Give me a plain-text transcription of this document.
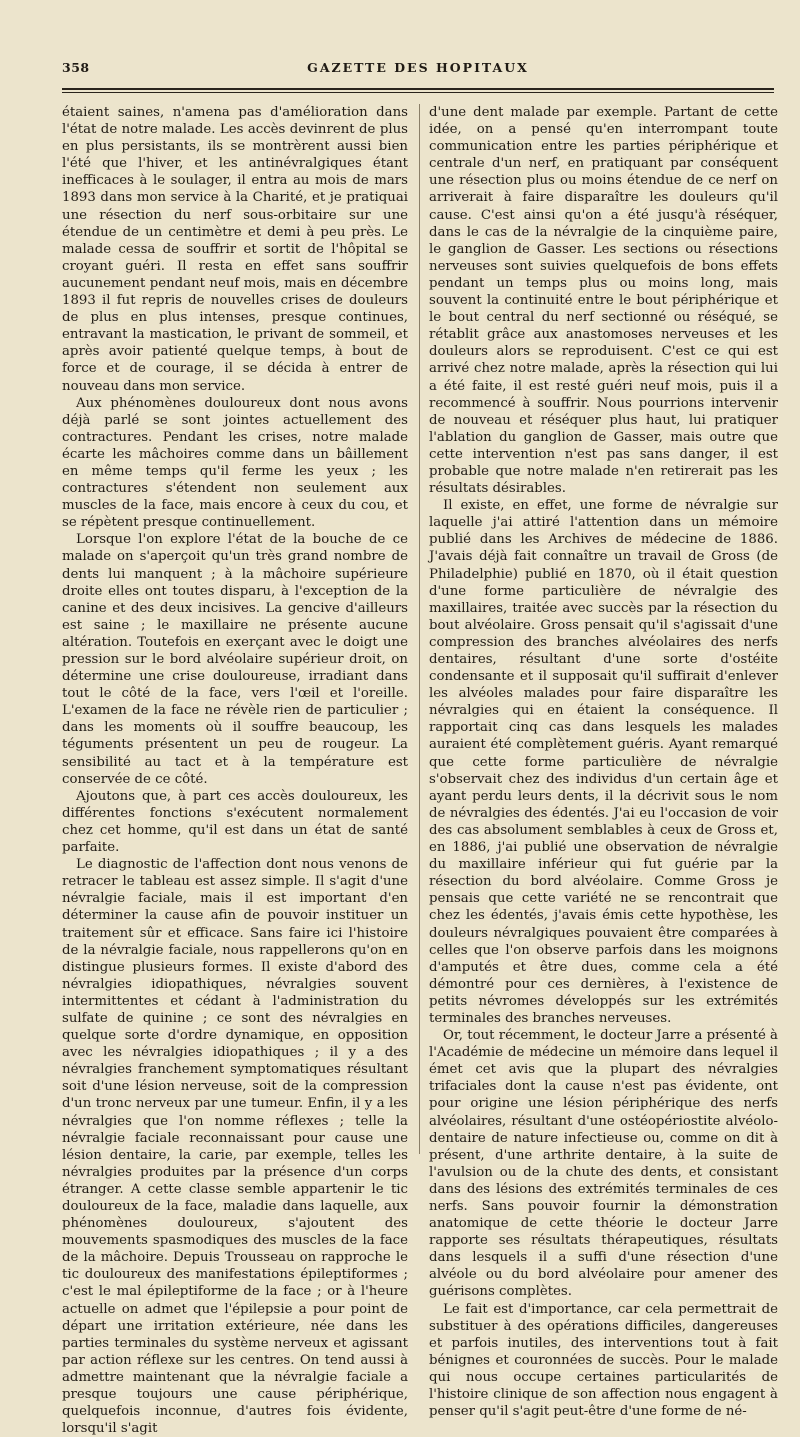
358	GAZETTE DES HOPITAUX

étaient saines, n'amena pas d'amélioration dans l'état de notre malade. Les accès devinrent de plus en plus persistants, ils se montrèrent aussi bien l'été que l'hiver, et les antinévralgiques étant inefficaces à le soulager, il entra au mois de mars 1893 dans mon service à la Charité, et je pratiquai une résection du nerf sous-orbitaire sur une étendue de un centimètre et demi à peu près. Le malade cessa de souffrir et sortit de l'hôpital se croyant guéri. Il resta en effet sans souffrir aucunement pendant neuf mois, mais en décembre 1893 il fut repris de nouvelles crises de douleurs de plus en plus intenses, presque continues, entravant la mastication, le privant de sommeil, et après avoir patienté quelque temps, à bout de force et de courage, il se décida à entrer de nouveau dans mon service.

Aux phénomènes douloureux dont nous avons déjà parlé se sont jointes actuellement des contractures. Pendant les crises, notre malade écarte les mâchoires comme dans un bâillement en même temps qu'il ferme les yeux ; les contractures s'étendent non seulement aux muscles de la face, mais encore à ceux du cou, et se répètent presque continuellement.

Lorsque l'on explore l'état de la bouche de ce malade on s'aperçoit qu'un très grand nombre de dents lui manquent ; à la mâchoire supérieure droite elles ont toutes disparu, à l'exception de la canine et des deux incisives. La gencive d'ailleurs est saine ; le maxillaire ne présente aucune altération. Toutefois en exerçant avec le doigt une pression sur le bord alvéolaire supérieur droit, on détermine une crise douloureuse, irradiant dans tout le côté de la face, vers l'œil et l'oreille. L'examen de la face ne révèle rien de particulier ; dans les moments où il souffre beaucoup, les téguments présentent un peu de rougeur. La sensibilité au tact et à la température est conservée de ce côté.

Ajoutons que, à part ces accès douloureux, les différentes fonctions s'exécutent normalement chez cet homme, qu'il est dans un état de santé parfaite.

Le diagnostic de l'affection dont nous venons de retracer le tableau est assez simple. Il s'agit d'une névralgie faciale, mais il est important d'en déterminer la cause afin de pouvoir instituer un traitement sûr et efficace. Sans faire ici l'histoire de la névralgie faciale, nous rappellerons qu'on en distingue plusieurs formes. Il existe d'abord des névralgies idiopathiques, névralgies souvent intermittentes et cédant à l'administration du sulfate de quinine ; ce sont des névralgies en quelque sorte d'ordre dynamique, en opposition avec les névralgies idiopathiques ; il y a des névralgies franchement symptomatiques résultant soit d'une lésion nerveuse, soit de la compression d'un tronc nerveux par une tumeur. Enfin, il y a les névralgies que l'on nomme réflexes ; telle la névralgie faciale reconnaissant pour cause une lésion dentaire, la carie, par exemple, telles les névralgies produites par la présence d'un corps étranger. A cette classe semble appartenir le tic douloureux de la face, maladie dans laquelle, aux phénomènes douloureux, s'ajoutent des mouvements spasmodiques des muscles de la face de la mâchoire. Depuis Trousseau on rapproche le tic douloureux des manifestations épileptiformes ; c'est le mal épileptiforme de la face ; or à l'heure actuelle on admet que l'épilepsie a pour point de départ une irritation extérieure, née dans les parties terminales du système nerveux et agissant par action réflexe sur les centres. On tend aussi à admettre maintenant que la névralgie faciale a presque toujours une cause périphérique, quelquefois inconnue, d'autres fois évidente, lorsqu'il s'agit

d'une dent malade par exemple. Partant de cette idée, on a pensé qu'en interrompant toute communication entre les parties périphérique et centrale d'un nerf, en pratiquant par conséquent une résection plus ou moins étendue de ce nerf on arriverait à faire disparaître les douleurs qu'il cause. C'est ainsi qu'on a été jusqu'à réséquer, dans le cas de la névralgie de la cinquième paire, le ganglion de Gasser. Les sections ou résections nerveuses sont suivies quelquefois de bons effets pendant un temps plus ou moins long, mais souvent la continuité entre le bout périphérique et le bout central du nerf sectionné ou réséqué, se rétablit grâce aux anastomoses nerveuses et les douleurs alors se reproduisent. C'est ce qui est arrivé chez notre malade, après la résection qui lui a été faite, il est resté guéri neuf mois, puis il a recommencé à souffrir. Nous pourrions intervenir de nouveau et réséquer plus haut, lui pratiquer l'ablation du ganglion de Gasser, mais outre que cette intervention n'est pas sans danger, il est probable que notre malade n'en retirerait pas les résultats désirables.

Il existe, en effet, une forme de névralgie sur laquelle j'ai attiré l'attention dans un mémoire publié dans les Archives de médecine de 1886. J'avais déjà fait connaître un travail de Gross (de Philadelphie) publié en 1870, où il était question d'une forme particulière de névralgie des maxillaires, traitée avec succès par la résection du bout alvéolaire. Gross pensait qu'il s'agissait d'une compression des branches alvéolaires des nerfs dentaires, résultant d'une sorte d'ostéite condensante et il supposait qu'il suffirait d'enlever les alvéoles malades pour faire disparaître les névralgies qui en étaient la conséquence. Il rapportait cinq cas dans lesquels les malades auraient été complètement guéris. Ayant remarqué que cette forme particulière de névralgie s'observait chez des individus d'un certain âge et ayant perdu leurs dents, il la décrivit sous le nom de névralgies des édentés. J'ai eu l'occasion de voir des cas absolument semblables à ceux de Gross et, en 1886, j'ai publié une observation de névralgie du maxillaire inférieur qui fut guérie par la résection du bord alvéolaire. Comme Gross je pensais que cette variété ne se rencontrait que chez les édentés, j'avais émis cette hypothèse, les douleurs névralgiques pouvaient être comparées à celles que l'on observe parfois dans les moignons d'amputés et être dues, comme cela a été démontré pour ces dernières, à l'existence de petits névromes développés sur les extrémités terminales des branches nerveuses.

Or, tout récemment, le docteur Jarre a présenté à l'Académie de médecine un mémoire dans lequel il émet cet avis que la plupart des névralgies trifaciales dont la cause n'est pas évidente, ont pour origine une lésion périphérique des nerfs alvéolaires, résultant d'une ostéopériostite alvéolo-dentaire de nature infectieuse ou, comme on dit à présent, d'une arthrite dentaire, à la suite de l'avulsion ou de la chute des dents, et consistant dans des lésions des extrémités terminales de ces nerfs. Sans pouvoir fournir la démonstration anatomique de cette théorie le docteur Jarre rapporte ses résultats thérapeutiques, résultats dans lesquels il a suffi d'une résection d'une alvéole ou du bord alvéolaire pour amener des guérisons complètes.

Le fait est d'importance, car cela permettrait de substituer à des opérations difficiles, dangereuses et parfois inutiles, des interventions tout à fait bénignes et couronnées de succès. Pour le malade qui nous occupe certaines particularités de l'histoire clinique de son affection nous engagent à penser qu'il s'agit peut-être d'une forme de né-
